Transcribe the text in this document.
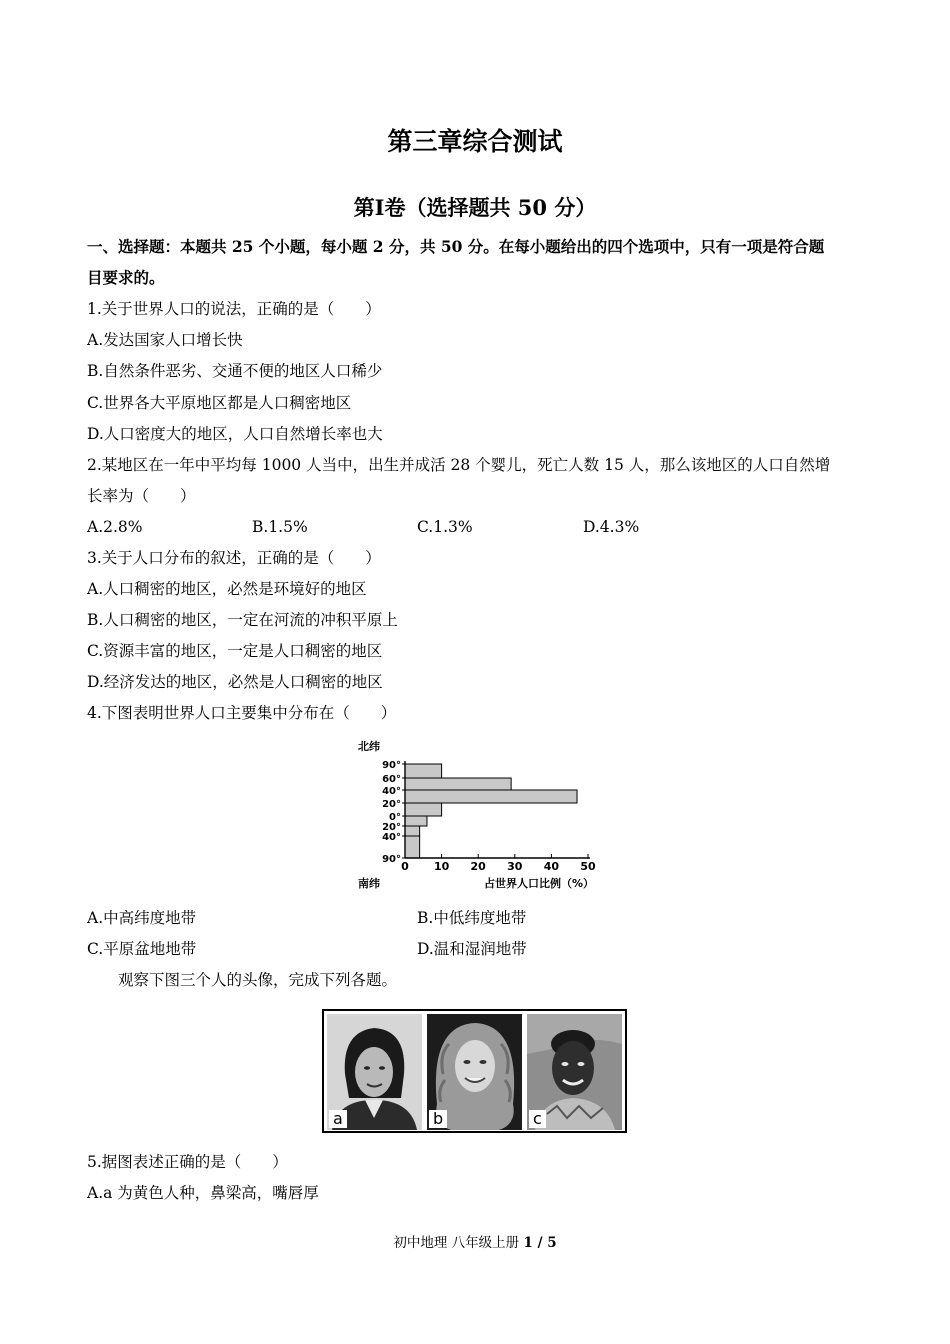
第三章综合测试
第Ⅰ卷（选择题共 50 分）
一、选择题：本题共 25 个小题，每小题 2 分，共 50 分。在每小题给出的四个选项中，只有一项是符合题
目要求的。
1.关于世界人口的说法，正确的是（　　）
A.发达国家人口增长快
B.自然条件恶劣、交通不便的地区人口稀少
C.世界各大平原地区都是人口稠密地区
D.人口密度大的地区，人口自然增长率也大
2.某地区在一年中平均每 1000 人当中，出生并成活 28 个婴儿，死亡人数 15 人，那么该地区的人口自然增
长率为（　　）
A.2.8%	B.1.5%	C.1.3%	D.4.3%
3.关于人口分布的叙述，正确的是（　　）
A.人口稠密的地区，必然是环境好的地区
B.人口稠密的地区，一定在河流的冲积平原上
C.资源丰富的地区，一定是人口稠密的地区
D.经济发达的地区，必然是人口稠密的地区
4.下图表明世界人口主要集中分布在（　　）
0 10 20 30 40 50
90°
60°
40°
20°
0°
20°
40°
90°
北纬
南纬	占世界人口比例（%）
A.中高纬度地带	B.中低纬度地带
C.平原盆地地带	D.温和湿润地带
观察下图三个人的头像，完成下列各题。
a	b	c
5.据图表述正确的是（　　）
A.a 为黄色人种，鼻梁高，嘴唇厚
初中地理 八年级上册 1 / 5
